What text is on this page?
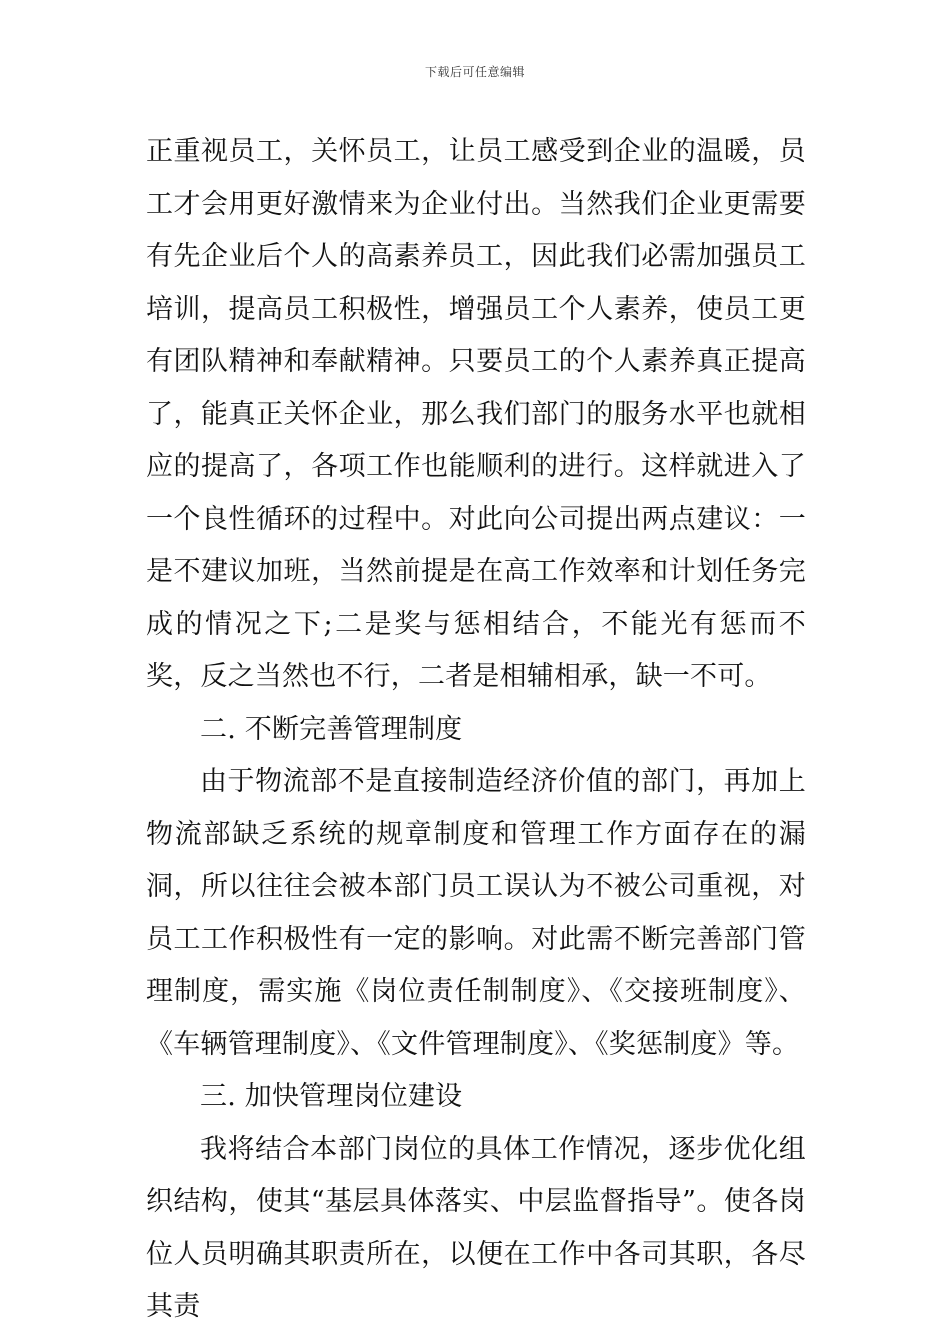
下载后可任意编辑

正重视员工，关怀员工，让员工感受到企业的温暖，员工才会用更好激情来为企业付出。当然我们企业更需要有先企业后个人的高素养员工，因此我们必需加强员工培训，提高员工积极性，增强员工个人素养，使员工更有团队精神和奉献精神。只要员工的个人素养真正提高了，能真正关怀企业，那么我们部门的服务水平也就相应的提高了，各项工作也能顺利的进行。这样就进入了一个良性循环的过程中。对此向公司提出两点建议：一是不建议加班，当然前提是在高工作效率和计划任务完成的情况之下;二是奖与惩相结合，不能光有惩而不奖，反之当然也不行，二者是相辅相承，缺一不可。

二. 不断完善管理制度

由于物流部不是直接制造经济价值的部门，再加上物流部缺乏系统的规章制度和管理工作方面存在的漏洞，所以往往会被本部门员工误认为不被公司重视，对员工工作积极性有一定的影响。对此需不断完善部门管理制度，需实施《岗位责任制制度》、《交接班制度》、《车辆管理制度》、《文件管理制度》、《奖惩制度》等。

三. 加快管理岗位建设

我将结合本部门岗位的具体工作情况，逐步优化组织结构，使其“基层具体落实、中层监督指导”。使各岗位人员明确其职责所在，以便在工作中各司其职，各尽其责
